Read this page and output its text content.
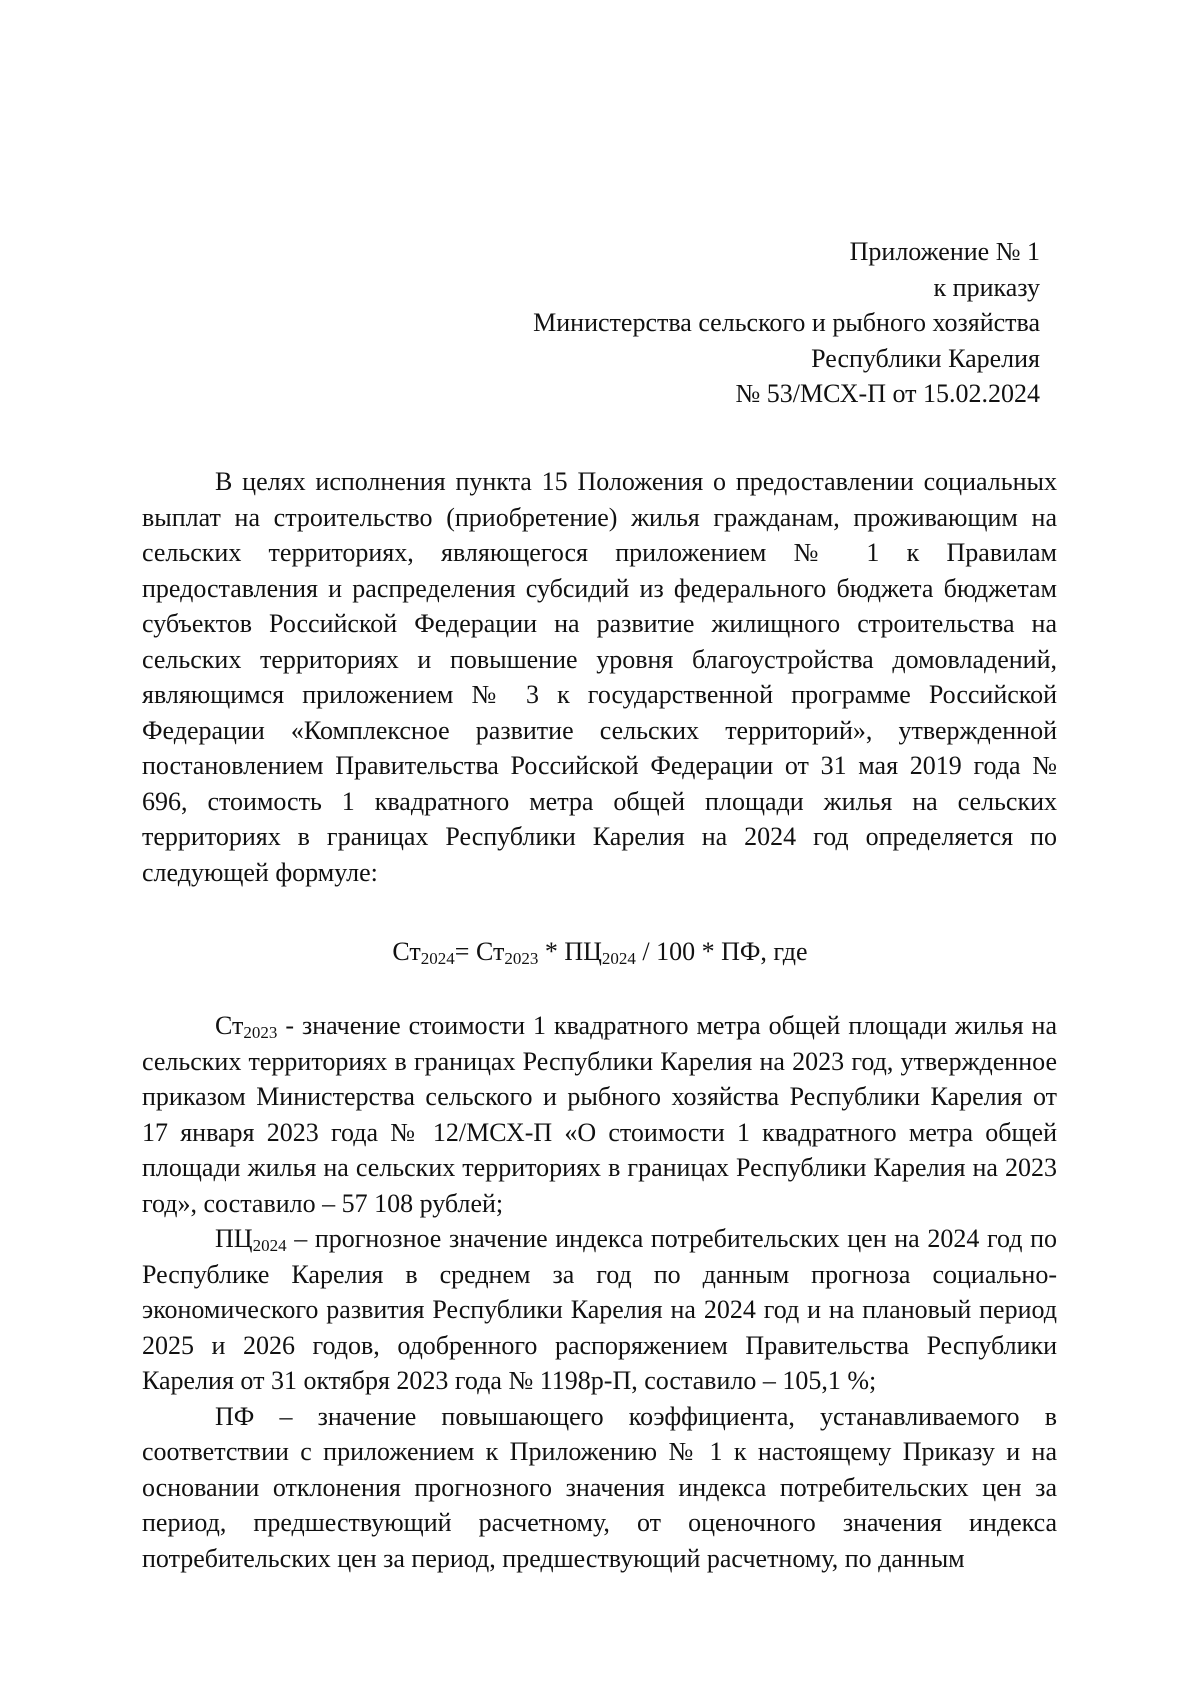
Приложение № 1
к приказу
Министерства сельского и рыбного хозяйства
Республики Карелия
№ 53/МСХ-П от 15.02.2024

В целях исполнения пункта 15 Положения о предоставлении социальных выплат на строительство (приобретение) жилья гражданам, проживающим на сельских территориях, являющегося приложением № 1 к Правилам предоставления и распределения субсидий из федерального бюджета бюджетам субъектов Российской Федерации на развитие жилищного строительства на сельских территориях и повышение уровня благоустройства домовладений, являющимся приложением № 3 к государственной программе Российской Федерации «Комплексное развитие сельских территорий», утвержденной постановлением Правительства Российской Федерации от 31 мая 2019 года № 696, стоимость 1 квадратного метра общей площади жилья на сельских территориях в границах Республики Карелия на 2024 год определяется по следующей формуле:

$Ст_{2024}= Ст_{2023} * ПЦ_{2024} / 100$ * ПФ, где

$Ст_{2023}$ - значение стоимости 1 квадратного метра общей площади жилья на сельских территориях в границах Республики Карелия на 2023 год, утвержденное приказом Министерства сельского и рыбного хозяйства Республики Карелия от 17 января 2023 года № 12/МСХ-П «О стоимости 1 квадратного метра общей площади жилья на сельских территориях в границах Республики Карелия на 2023 год», составило – 57 108 рублей;

$ПЦ_{2024}$ – прогнозное значение индекса потребительских цен на 2024 год по Республике Карелия в среднем за год по данным прогноза социально-экономического развития Республики Карелия на 2024 год и на плановый период 2025 и 2026 годов, одобренного распоряжением Правительства Республики Карелия от 31 октября 2023 года № 1198р-П, составило – 105,1 %;

ПФ – значение повышающего коэффициента, устанавливаемого в соответствии с приложением к Приложению № 1 к настоящему Приказу и на основании отклонения прогнозного значения индекса потребительских цен за период, предшествующий расчетному, от оценочного значения индекса потребительских цен за период, предшествующий расчетному, по данным
